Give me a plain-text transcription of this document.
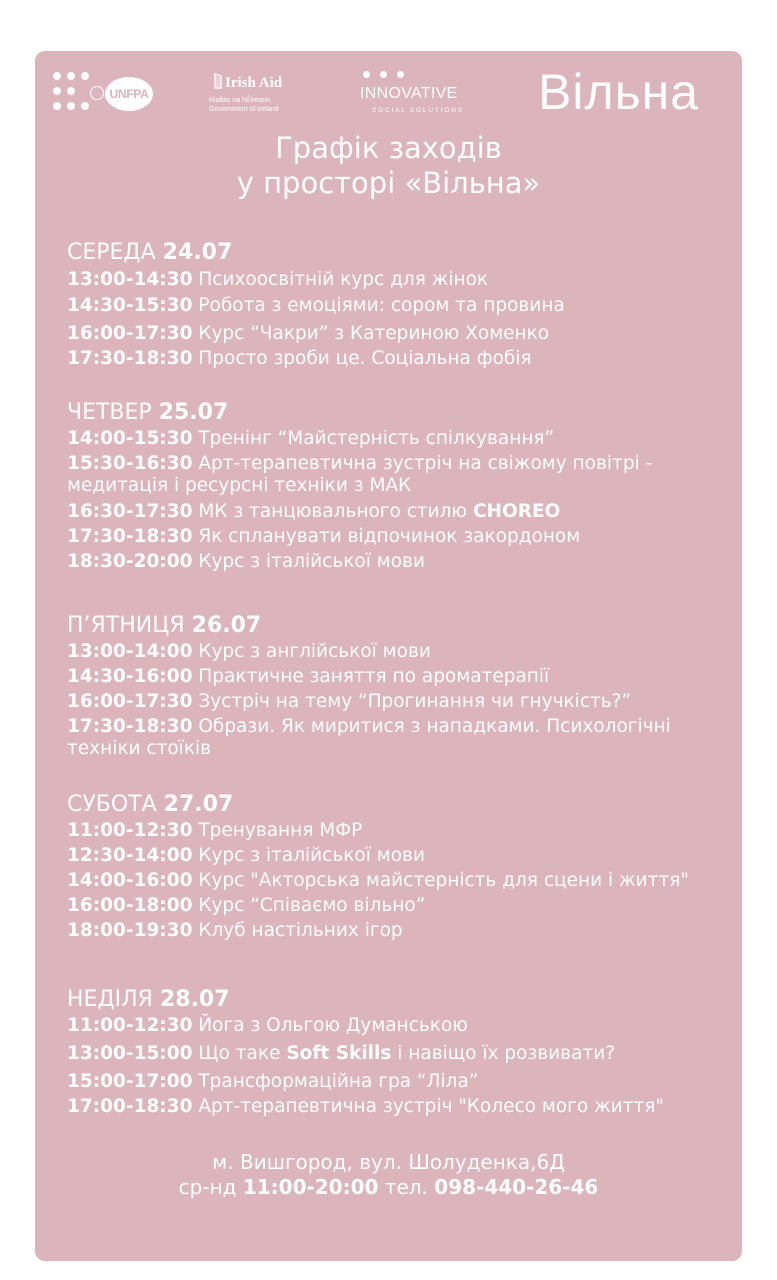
UNFPA
Irish Aid
Rialtas na hÉireann
Government of Ireland
INNOVATIVE
SOCIAL SOLUTIONS Вільна
Графік заходів
у просторі «Вільна»
СЕРЕДА 24.07
13:00-14:30 Психоосвітній курс для жінок
14:30-15:30 Робота з емоціями: сором та провина
16:00-17:30 Курс “Чакри” з Катериною Хоменко
17:30-18:30 Просто зроби це. Соціальна фобія
ЧЕТВЕР 25.07
14:00-15:30 Тренінг “Майстерність спілкування”
15:30-16:30 Арт-терапевтична зустріч на свіжому повітрі -
медитація і ресурсні техніки з МАК
16:30-17:30 МК з танцювального стилю CHOREO
17:30-18:30 Як спланувати відпочинок закордоном
18:30-20:00 Курс з італійської мови
П’ЯТНИЦЯ 26.07
13:00-14:00 Курс з англійської мови
14:30-16:00 Практичне заняття по ароматерапії
16:00-17:30 Зустріч на тему “Прогинання чи гнучкість?”
17:30-18:30 Образи. Як миритися з нападками. Психологічні
техніки стоїків
СУБОТА 27.07
11:00-12:30 Тренування МФР
12:30-14:00 Курс з італійської мови
14:00-16:00 Курс "Акторська майстерність для сцени і життя"
16:00-18:00 Курс “Співаємо вільно”
18:00-19:30 Клуб настільних ігор
НЕДІЛЯ 28.07
11:00-12:30 Йога з Ольгою Думанською
13:00-15:00 Що таке Soft Skills і навіщо їх розвивати?
15:00-17:00 Трансформаційна гра “Ліла”
17:00-18:30 Арт-терапевтична зустріч "Колесо мого життя"
м. Вишгород, вул. Шолуденка,6Д
ср-нд 11:00-20:00 тел. 098-440-26-46
